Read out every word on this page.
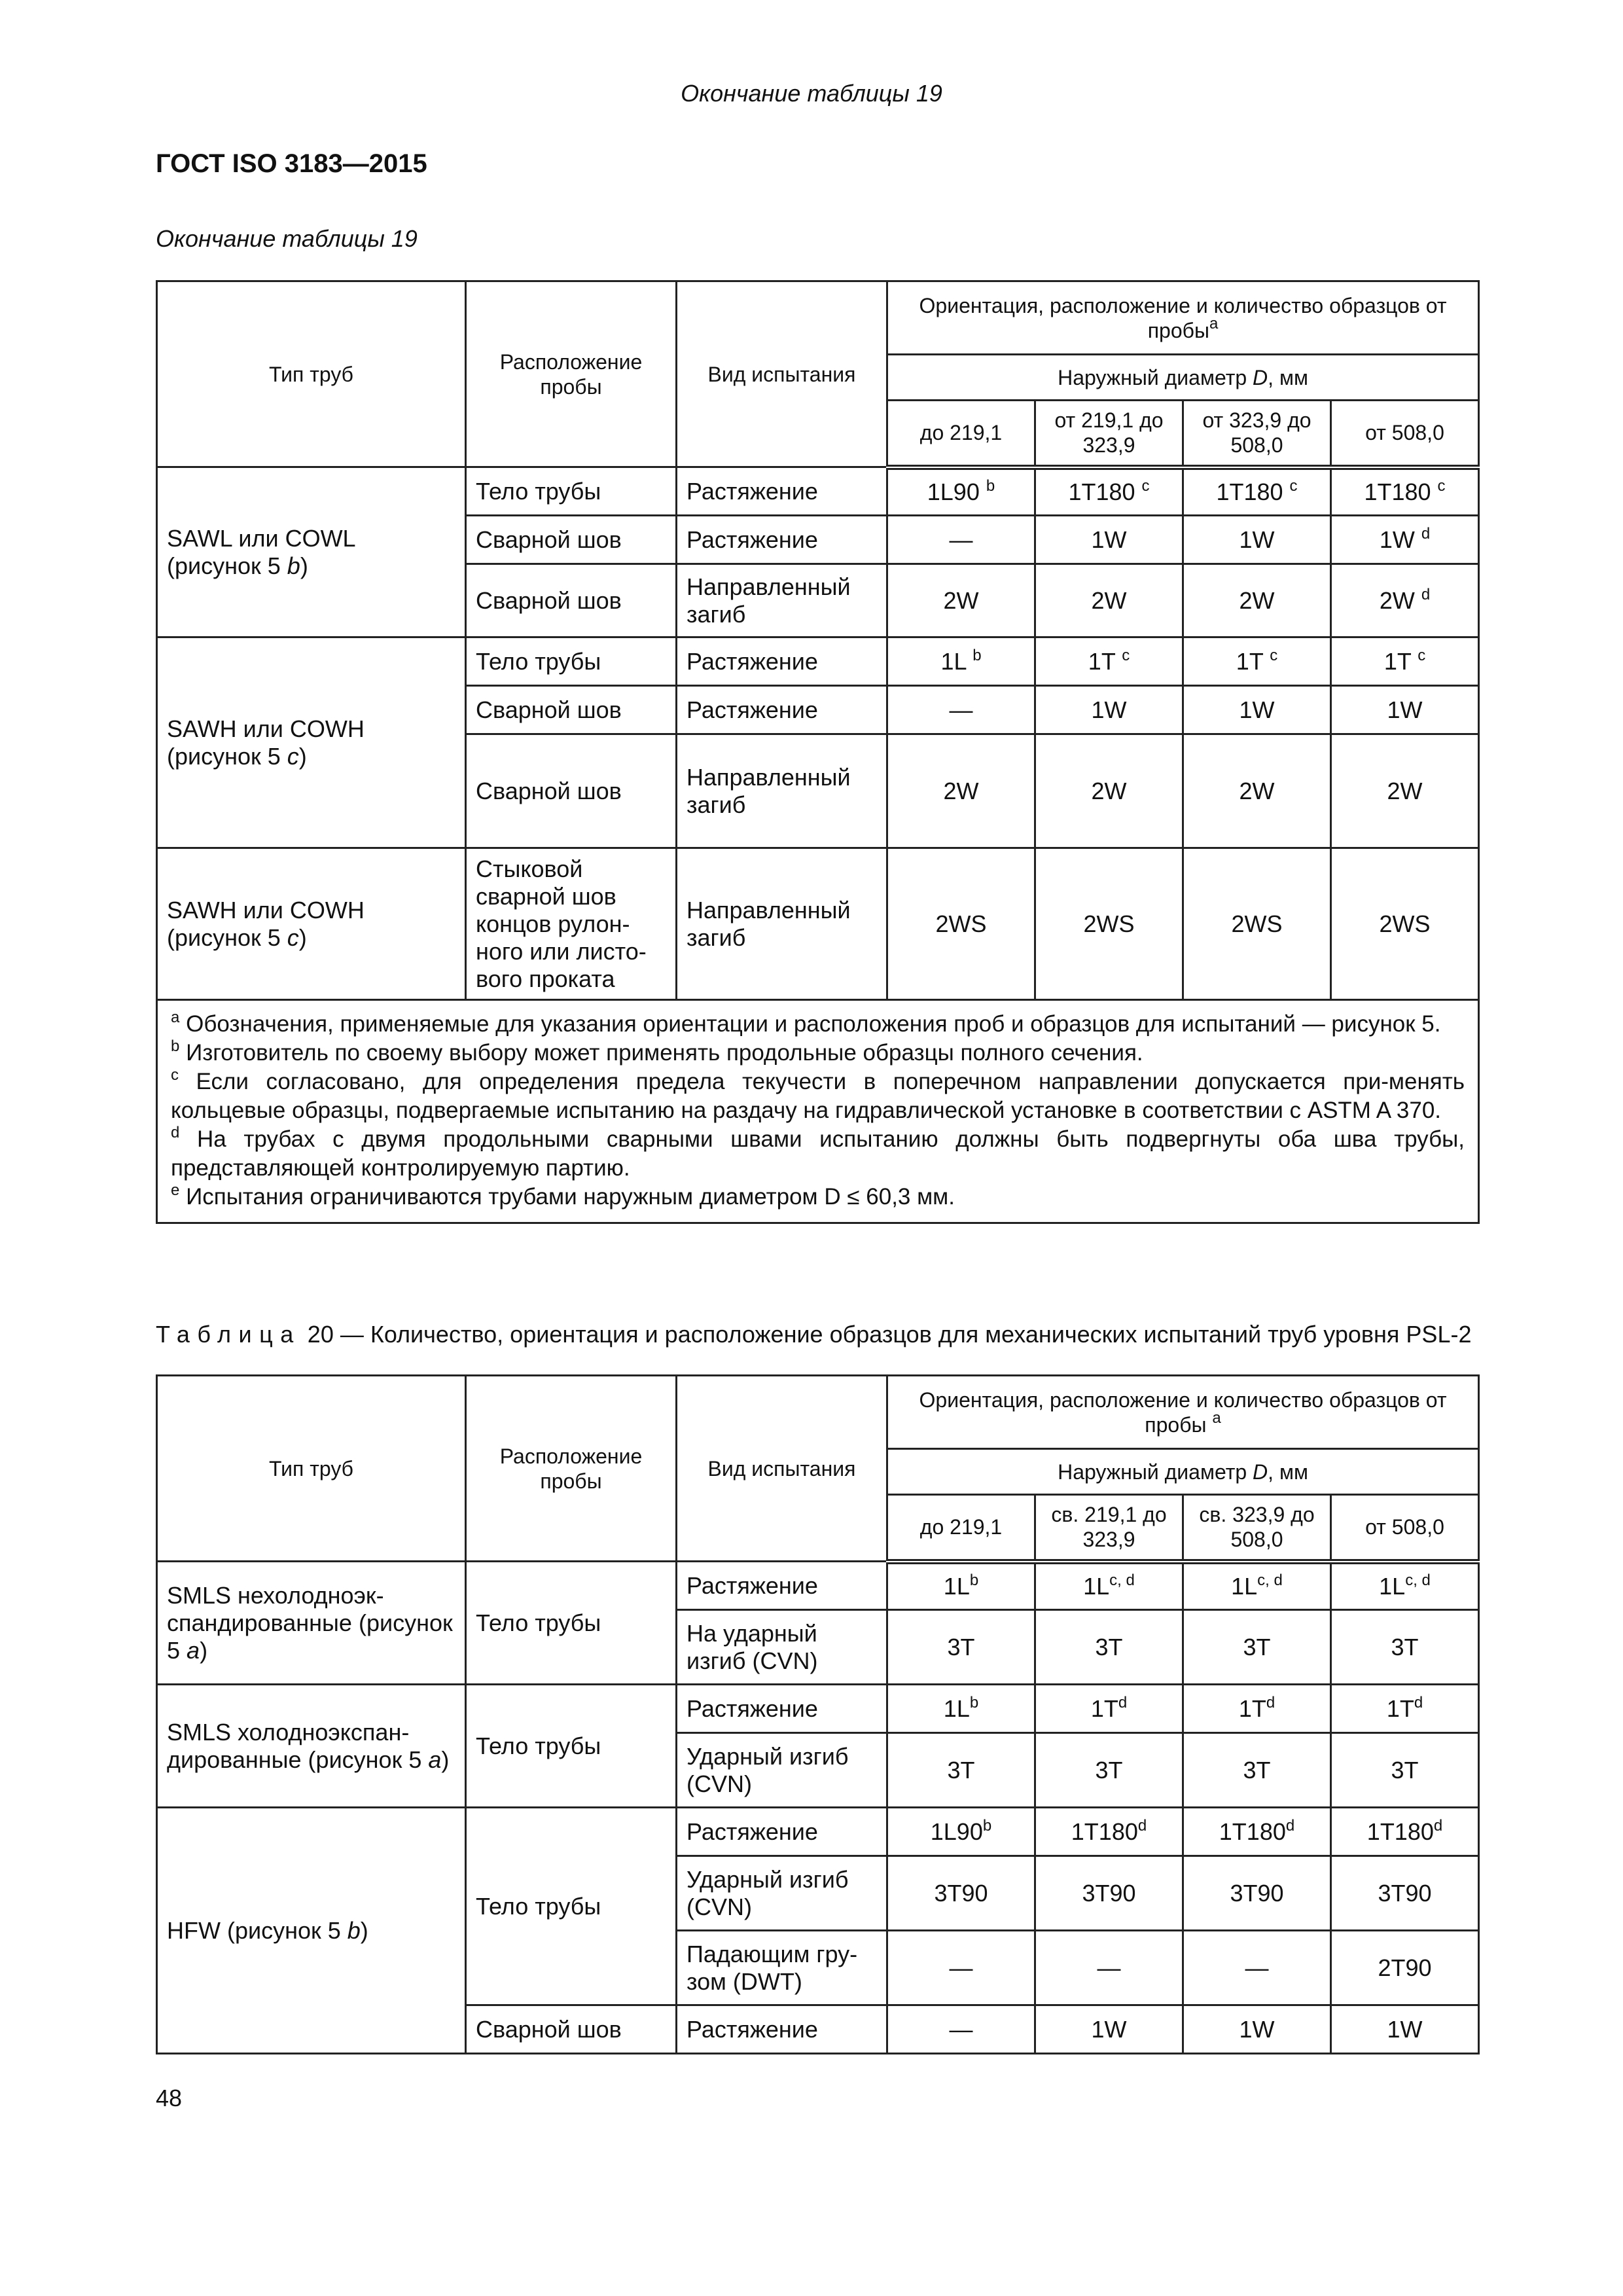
Окончание таблицы 19
ГОСТ ISO 3183—2015
Окончание таблицы 19
Тип труб	Расположение пробы	Вид испытания	Ориентация, расположение и количество образцов от пробы$^a$
			Наружный диаметр D, мм			
			до 219,1	от 219,1 до 323,9	от 323,9 до 508,0	от 508,0
SAWL или COWL (рисунок 5 b)	Тело трубы	Растяжение	1L90 $^b$	1T180 $^c$	1T180 $^c$	1T180 $^c$
	Сварной шов	Растяжение	—	1W	1W	1W $^d$
	Сварной шов	Направленный загиб	2W	2W	2W	2W $^d$
SAWH или COWH (рисунок 5 c)	Тело трубы	Растяжение	1L $^b$	1T $^c$	1T $^c$	1T $^c$
	Сварной шов	Растяжение	—	1W	1W	1W
	Сварной шов	Направленный загиб	2W	2W	2W	2W
SAWH или COWH (рисунок 5 c)	Стыковой сварной шов концов рулон-ного или листо-вого проката	Направленный загиб	2WS	2WS	2WS	2WS

$^a$ Обозначения, применяемые для указания ориентации и расположения проб и образцов для испытаний — рисунок 5.

$^b$ Изготовитель по своему выбору может применять продольные образцы полного сечения.

$^c$ Если согласовано, для определения предела текучести в поперечном направлении допускается при-менять кольцевые образцы, подвергаемые испытанию на раздачу на гидравлической установке в соответствии с ASTM A 370.

$^d$ На трубах с двумя продольными сварными швами испытанию должны быть подвергнуты оба шва трубы, представляющей контролируемую партию.

$^e$ Испытания ограничиваются трубами наружным диаметром D ≤ 60,3 мм.						

Таблица 20 — Количество, ориентация и расположение образцов для механических испытаний труб уровня PSL-2
Тип труб	Расположение пробы	Вид испытания	Ориентация, расположение и количество образцов от пробы $^a$
			Наружный диаметр D, мм			
			до 219,1	св. 219,1 до 323,9	св. 323,9 до 508,0	от 508,0
SMLS нехолодноэк-спандированные (рисунок 5 a)	Тело трубы	Растяжение	$1L^b$	$1L^{c, d}$	$1L^{c, d}$	$1L^{c, d}$
		На ударный изгиб (CVN)	3T	3T	3T	3T
SMLS холодноэкспан-дированные (рисунок 5 a)	Тело трубы	Растяжение	$1L^b$	$1T^d$	$1T^d$	$1T^d$
		Ударный изгиб (CVN)	3T	3T	3T	3T
HFW (рисунок 5 b)	Тело трубы	Растяжение	1L90$^b$	1T180$^d$	1T180$^d$	1T180$^d$
		Ударный изгиб (CVN)	3T90	3T90	3T90	3T90
		Падающим гру-зом (DWT)	—	—	—	2T90
	Сварной шов	Растяжение	—	1W	1W	1W
48
